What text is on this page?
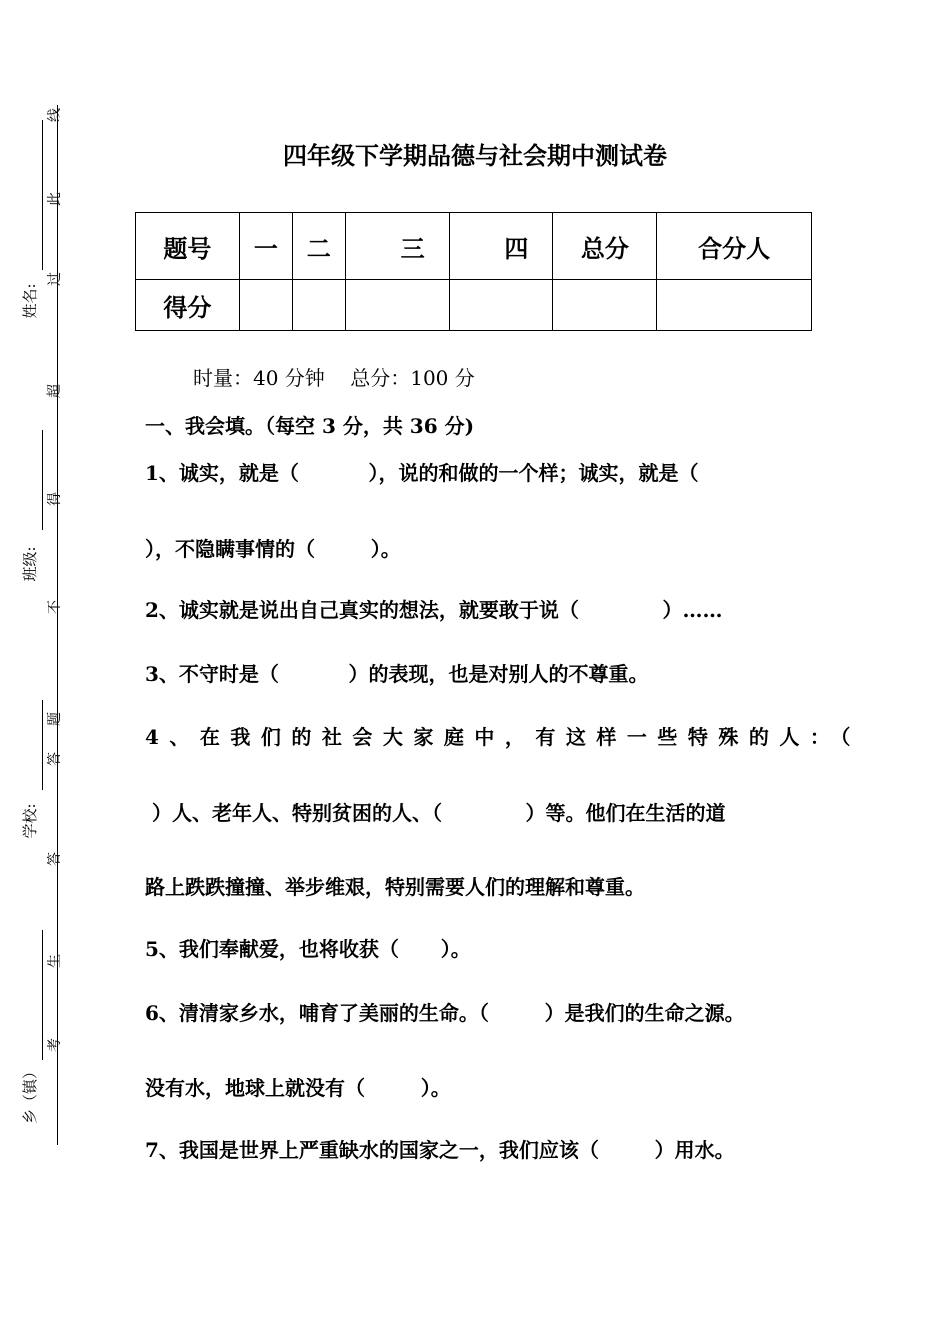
姓名:
班级:
学校:
乡（镇）
线
此
过
超
得
不
题
答
答
生
考
四年级下学期品德与社会期中测试卷
题号	一	二	三	四	总分	合分人
得分						
时量：40 分钟    总分：100 分
一、我会填。（每空 3 分，共 36 分)
1、诚实，就是（          ），说的和做的一个样；诚实，就是（
），不隐瞒事情的（        ）。
2、诚实就是说出自己真实的想法，就要敢于说（            ）……
3、不守时是（          ）的表现，也是对别人的不尊重。
4、在我们的社会大家庭中，有这样一些特殊的人：（
）人、老年人、特别贫困的人、（            ）等。他们在生活的道
路上跌跌撞撞、举步维艰，特别需要人们的理解和尊重。
5、我们奉献爱，也将收获（      ）。
6、清清家乡水，哺育了美丽的生命。（        ）是我们的生命之源。
没有水，地球上就没有（        ）。
7、我国是世界上严重缺水的国家之一，我们应该（        ）用水。
